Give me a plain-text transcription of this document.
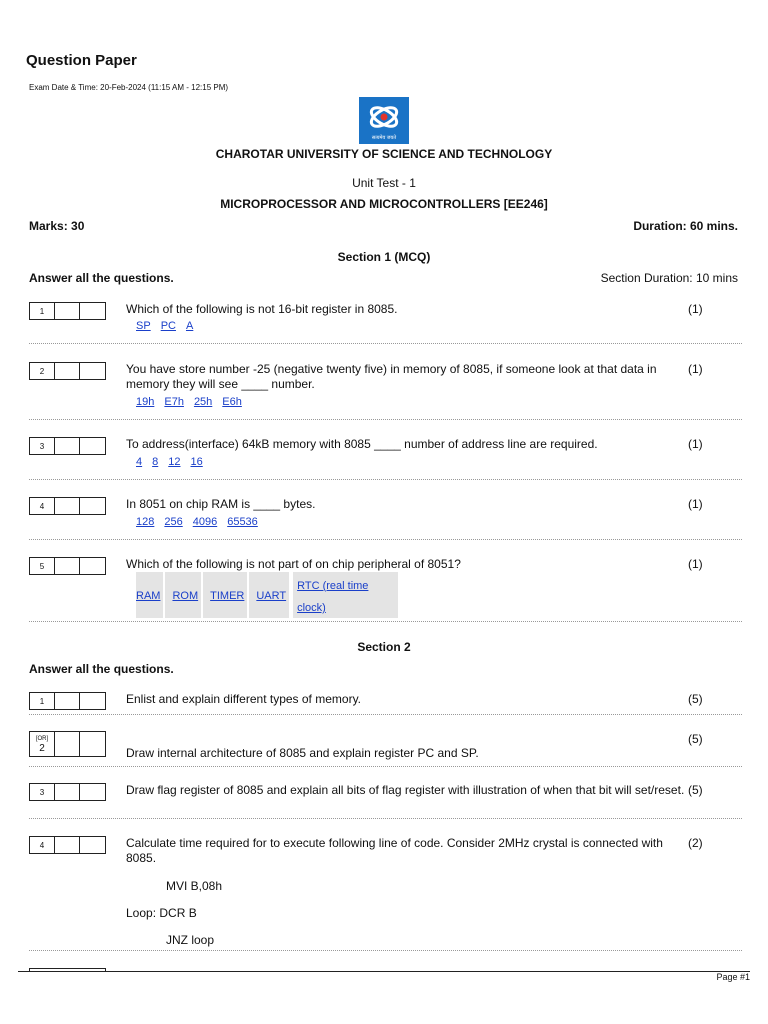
Question Paper
Exam Date & Time: 20-Feb-2024 (11:15 AM - 12:15 PM)
सत्यमेव जयते
CHAROTAR UNIVERSITY OF SCIENCE AND TECHNOLOGY
Unit Test - 1
MICROPROCESSOR AND MICROCONTROLLERS [EE246]
Marks: 30	Duration: 60 mins.
Section 1 (MCQ)
Answer all the questions.	Section Duration: 10 mins
1	Which of the following is not 16-bit register in 8085.	(1)
SP PC A
2	You have store number -25 (negative twenty five) in memory of 8085, if someone look at that data in memory they will see ____ number.
(1)
19h E7h 25h E6h
3	To address(interface) 64kB memory with 8085 ____ number of address line are required.	(1)
4 8 12 16
4	In 8051 on chip RAM is ____ bytes.	(1)
128 256 4096 65536
5	Which of the following is not part of on chip peripheral of 8051?	(1)
RAM	ROM	TIMER	UART
RTC (real time
clock)
Section 2
Answer all the questions.
1	Enlist and explain different types of memory.	(5)
[OR]
2	Draw internal architecture of 8085 and explain register PC and SP.
(5)
3	Draw flag register of 8085 and explain all bits of flag register with illustration of when that bit will set/reset. (5)
4	Calculate time required for to execute following line of code. Consider 2MHz crystal is connected with 8085.
(2)
MVI B,08h
Loop: DCR B
JNZ loop
Page #1
